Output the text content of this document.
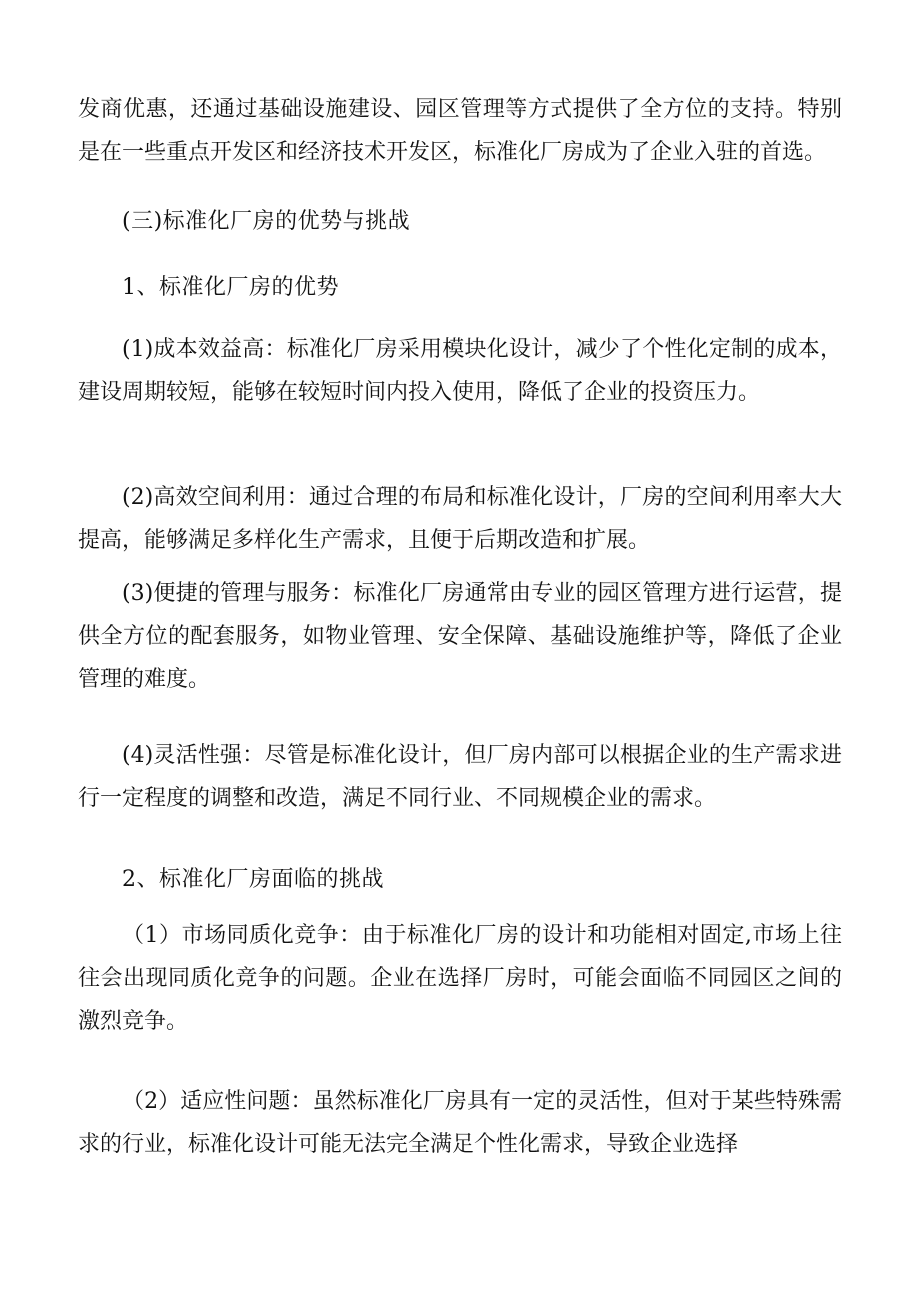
发商优惠，还通过基础设施建设、园区管理等方式提供了全方位的支持。特别是在一些重点开发区和经济技术开发区，标准化厂房成为了企业入驻的首选。

(三)标准化厂房的优势与挑战

1、标准化厂房的优势

(1)成本效益高：标准化厂房采用模块化设计，减少了个性化定制的成本，建设周期较短，能够在较短时间内投入使用，降低了企业的投资压力。

(2)高效空间利用：通过合理的布局和标准化设计，厂房的空间利用率大大提高，能够满足多样化生产需求，且便于后期改造和扩展。

(3)便捷的管理与服务：标准化厂房通常由专业的园区管理方进行运营，提供全方位的配套服务，如物业管理、安全保障、基础设施维护等，降低了企业管理的难度。

(4)灵活性强：尽管是标准化设计，但厂房内部可以根据企业的生产需求进行一定程度的调整和改造，满足不同行业、不同规模企业的需求。

2、标准化厂房面临的挑战

（1）市场同质化竞争：由于标准化厂房的设计和功能相对固定,市场上往往会出现同质化竞争的问题。企业在选择厂房时，可能会面临不同园区之间的激烈竞争。

（2）适应性问题：虽然标准化厂房具有一定的灵活性，但对于某些特殊需求的行业，标准化设计可能无法完全满足个性化需求，导致企业选择
